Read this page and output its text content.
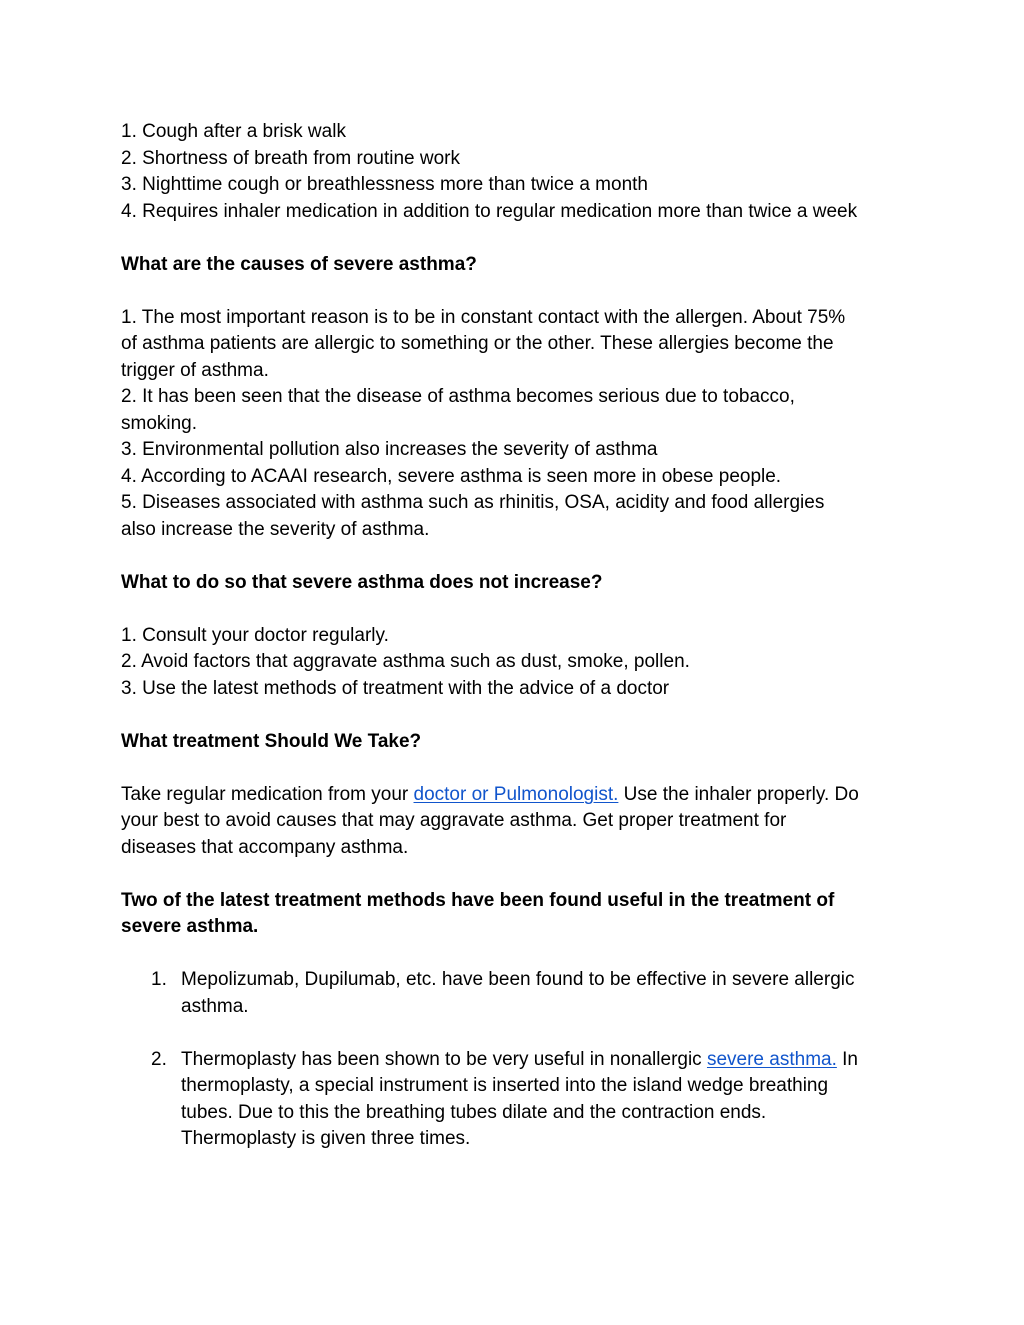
1. Cough after a brisk walk
2. Shortness of breath from routine work
3. Nighttime cough or breathlessness more than twice a month
4. Requires inhaler medication in addition to regular medication more than twice a week
What are the causes of severe asthma?
1. The most important reason is to be in constant contact with the allergen. About 75%
of asthma patients are allergic to something or the other. These allergies become the
trigger of asthma.
2. It has been seen that the disease of asthma becomes serious due to tobacco,
smoking.
3. Environmental pollution also increases the severity of asthma
4. According to ACAAI research, severe asthma is seen more in obese people.
5. Diseases associated with asthma such as rhinitis, OSA, acidity and food allergies
also increase the severity of asthma.
What to do so that severe asthma does not increase?
1. Consult your doctor regularly.
2. Avoid factors that aggravate asthma such as dust, smoke, pollen.
3. Use the latest methods of treatment with the advice of a doctor
What treatment Should We Take?
Take regular medication from your doctor or Pulmonologist. Use the inhaler properly. Do
your best to avoid causes that may aggravate asthma. Get proper treatment for
diseases that accompany asthma.
Two of the latest treatment methods have been found useful in the treatment of
severe asthma.
1. Mepolizumab, Dupilumab, etc. have been found to be effective in severe allergic
asthma.
2. Thermoplasty has been shown to be very useful in nonallergic severe asthma. In
thermoplasty, a special instrument is inserted into the island wedge breathing
tubes. Due to this the breathing tubes dilate and the contraction ends.
Thermoplasty is given three times.
